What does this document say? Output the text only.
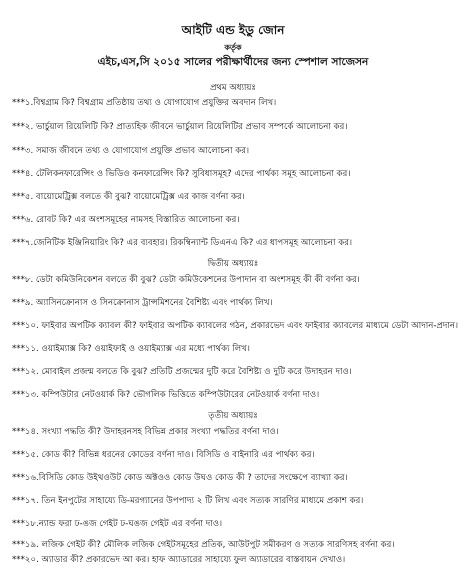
আইটি এন্ড ইডু জোন
কর্তৃক
এইচ,এস,সি ২০১৫ সালের পরীক্ষার্থীদের জন্য স্পেশাল সাজেসন
প্রথম অধ্যায়ঃ
***১.বিশ্বগ্রাম কি? বিশ্বগ্রাম প্রতিষ্ঠায় তথ্য ও যোগাযোগ প্রযুক্তির অবদান লিখ।
***২. ভার্চুয়াল রিয়েলিটি কি? প্রাত্যহিক জীবনে ভার্চুয়াল রিয়েলিটির প্রভাব সম্পর্কে আলোচনা কর।
***৩. সমাজ জীবনে তথ্য ও যোগাযোগ প্রযুক্তি প্রভাব আলোচনা কর।
***৪. টেলিকনফারেন্সিং ও ভিডিও কনফারেন্সিং কি? সুবিধাসমূহ? এদের পার্থক্য সমূহ আলোচনা কর।
***৫. বায়োমেট্রিক্স বলতে কী বুঝ? বায়োমেট্রিক্স এর কাজ বর্ণনা কর।
***৬. রোবট কি? এর অংশসমূহের নামসহ বিস্তারিত আলোচনা কর।
***৭.জেনিটিক ইঞ্জিনিয়ারিং কি? এর ব্যবহার। রিকম্বিন্যান্ট ডিএনএ কি? এর ধাপসমূহ আলোচনা কর।
দ্বিতীয় অধ্যায়ঃ
***৮. ডেটা কমিউনিকেশন বলতে কী বুঝ? ডেটা কমিউকেশনের উপাদান বা অংশসমূহ কী কী বর্ণনা কর।
***৯. অ্যাসিনক্রোনাস ও সিনক্রোনাস ট্রান্সমিশনের বৈশিষ্ট্য এবং পার্থক্য লিখ।
***১০. ফাইবার অপটিক ক্যাবল কী? ফাইবার অপটিক ক্যাবলের গঠন, প্রকারভেদ এবং ফাইবার ক্যাবলের মাধ্যমে ডেটা আদান-প্রদান।
***১১. ওয়াইম্যাক্স কি? ওয়াইফাই ও ওয়াইম্যাক্স এর মধ্যে পার্থক্য লিখ।
***১২. মোবাইল প্রজন্ম বলতে কি বুঝ? প্রতিটি প্রজন্মের দুটি করে বৈশিষ্ট্য ও দুটি করে উদাহরন দাও।
***১৩. কম্পিউটার নেটওয়ার্ক কি? ভৌগলিক ভিত্তিতে কম্পিউটারের নেটওয়ার্ক বর্ণনা দাও।
তৃতীয় অধ্যায়ঃ
***১৪. সংখ্যা পদ্ধতি কী? উদাহরনসহ বিভিন্ন প্রকার সংখ্যা পদ্ধতির বর্ণনা দাও।
***১৫. কোড কী? বিভিন্ন ধরনের কোডের বর্ণনা দাও। বিসিডি ও বাইনারি এর পার্থক্য কর।
***১৬.বিসিডি কোড উইথওউট কোড অক্টওও কোড উঘও কোড কী ? তাদের সংক্ষেপে ব্যাখ্যা কর।
***১৭. তিন ইনপুটের সাহায্যে ডি-মরগ্যানের উপপাদ্য ২ টি লিখ এবং সত্যক সারণির মাধ্যমে প্রকাশ কর।
***১৮.ন্যান্ড ফরা ঢ-ঙজ গেইট ঢ-ঘঙজ গেইট এর বর্ণনা দাও।
***১৯. লজিক গেইট কী? মৌলিক লজিক গেইটসমূহের প্রতিক, আউটপুট সমীকরণ ও সত্যক সারণিসহ বর্ণনা কর।
***২০. অ্যাডার কী? প্রকারভেদ আ কর। হাফ অ্যাডারের সাহায্যে ফুল অ্যাডারের বাস্তবায়ন দেখাও।
